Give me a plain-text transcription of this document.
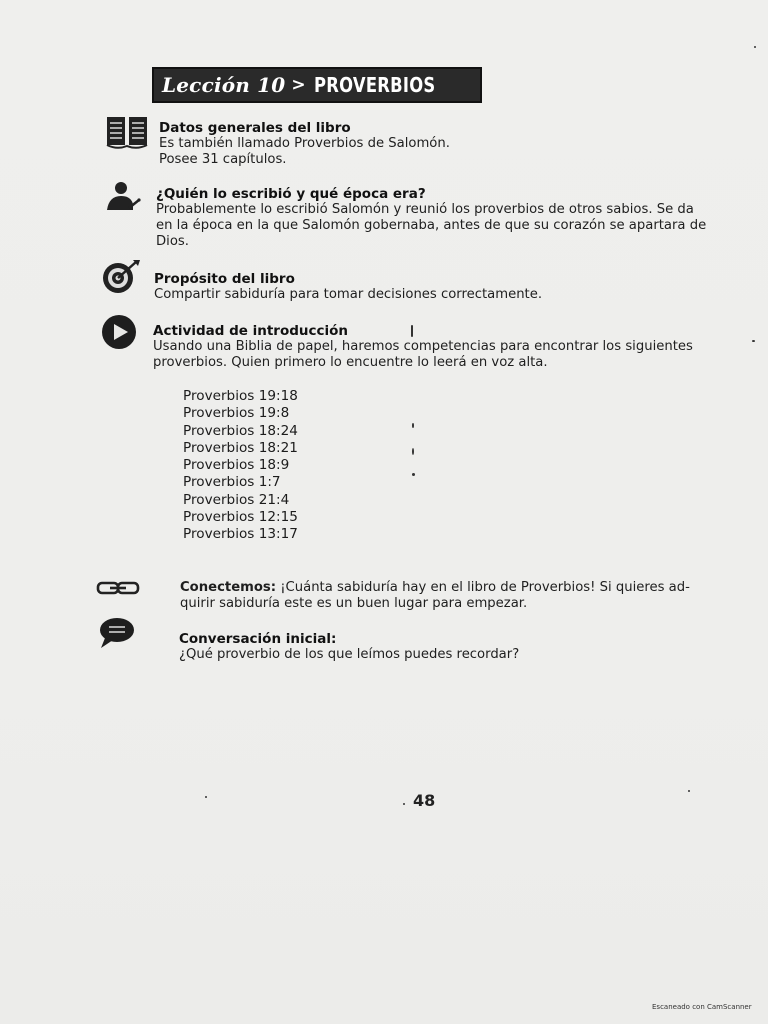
Lección 10 > PROVERBIOS
Datos generales del libro
Es también llamado Proverbios de Salomón.
Posee 31 capítulos.
¿Quién lo escribió y qué época era?
Probablemente lo escribió Salomón y reunió los proverbios de otros sabios. Se da
en la época en la que Salomón gobernaba, antes de que su corazón se apartara de
Dios.
Propósito del libro
Compartir sabiduría para tomar decisiones correctamente.
Actividad de introducción
Usando una Biblia de papel, haremos competencias para encontrar los siguientes
proverbios. Quien primero lo encuentre lo leerá en voz alta.
Proverbios 19:18
Proverbios 19:8
Proverbios 18:24
Proverbios 18:21
Proverbios 18:9
Proverbios 1:7
Proverbios 21:4
Proverbios 12:15
Proverbios 13:17
Conectemos: ¡Cuánta sabiduría hay en el libro de Proverbios! Si quieres ad-
quirir sabiduría este es un buen lugar para empezar.
Conversación inicial:
¿Qué proverbio de los que leímos puedes recordar?
48
Escaneado con CamScanner
